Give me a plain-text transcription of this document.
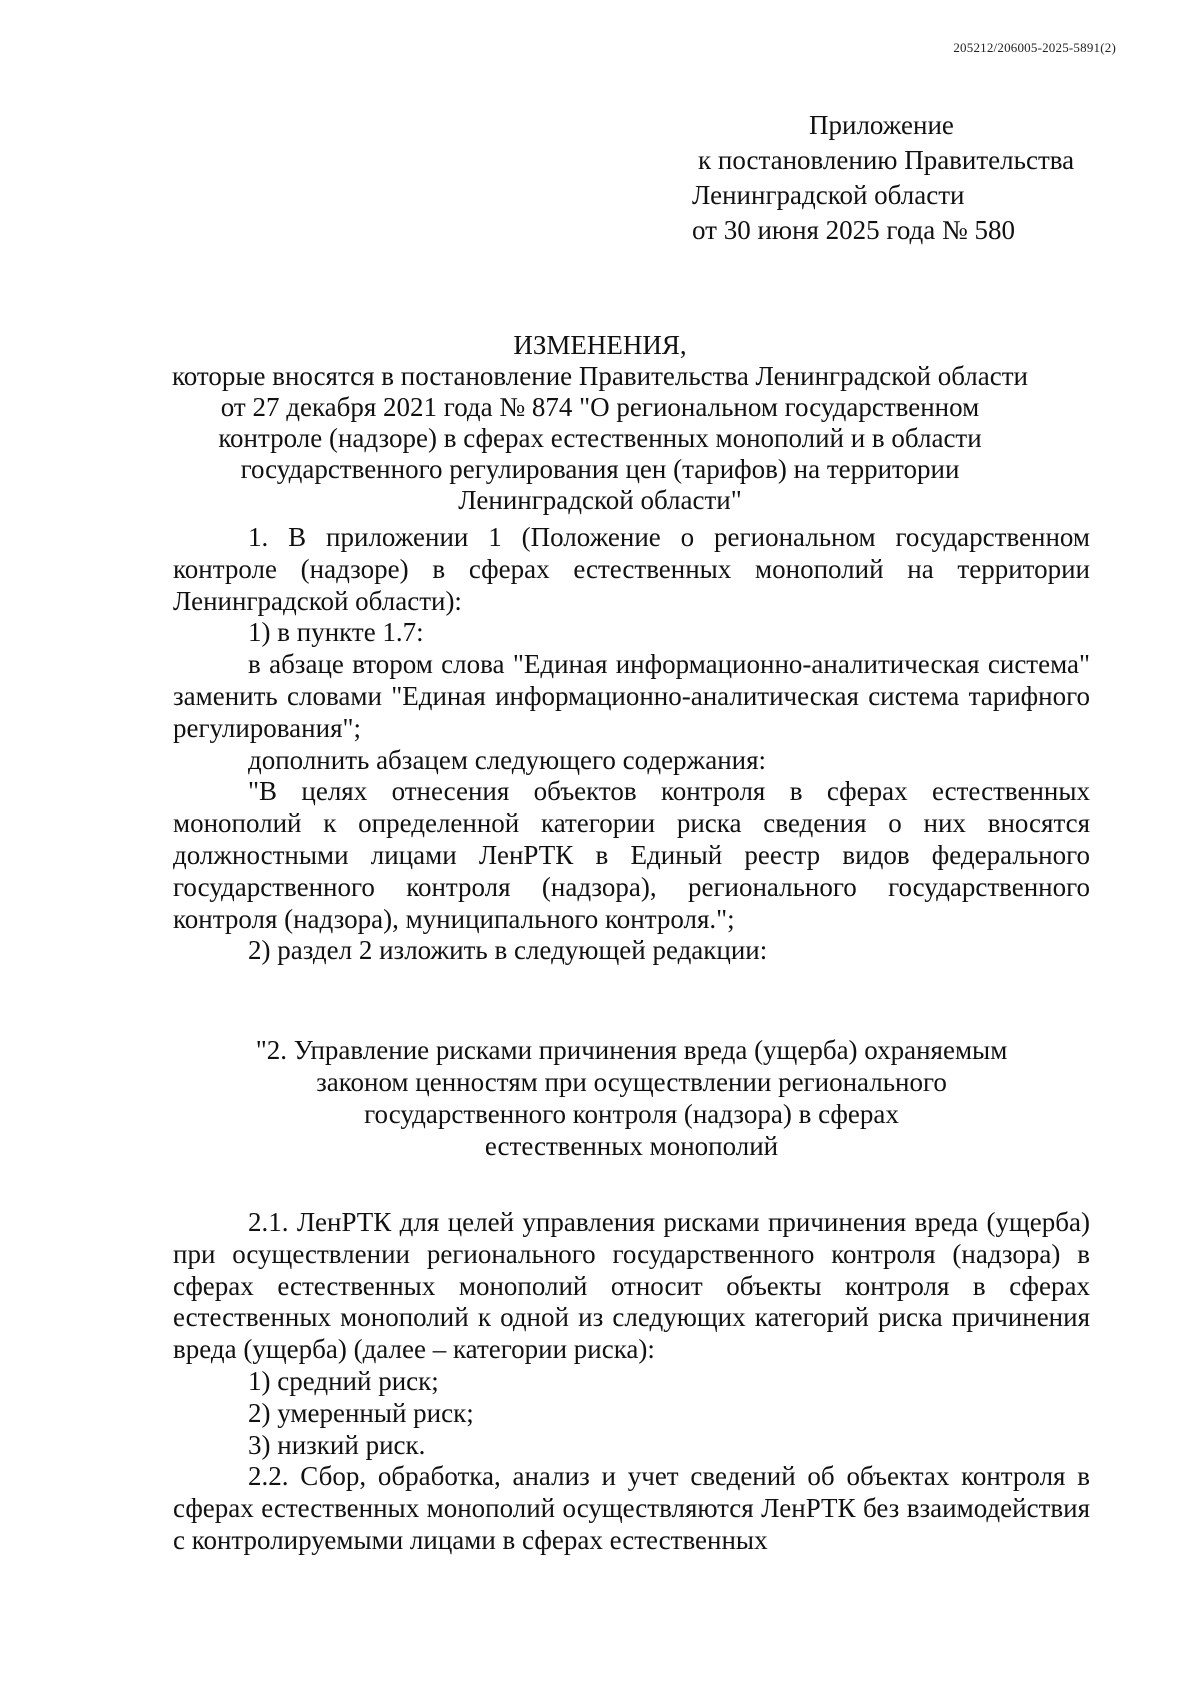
205212/206005-2025-5891(2)
Приложение
к постановлению Правительства
Ленинградской области
от 30 июня 2025 года № 580
ИЗМЕНЕНИЯ,
которые вносятся в постановление Правительства Ленинградской области
от 27 декабря 2021 года № 874 "О региональном государственном
контроле (надзоре) в сферах естественных монополий и в области
государственного регулирования цен (тарифов) на территории
Ленинградской области"

1. В приложении 1 (Положение о региональном государственном контроле (надзоре) в сферах естественных монополий на территории Ленинградской области):

1) в пункте 1.7:

в абзаце втором слова "Единая информационно-аналитическая система" заменить словами "Единая информационно-аналитическая система тарифного регулирования";

дополнить абзацем следующего содержания:

"В целях отнесения объектов контроля в сферах естественных монополий к определенной категории риска сведения о них вносятся должностными лицами ЛенРТК в Единый реестр видов федерального государственного контроля (надзора), регионального государственного контроля (надзора), муниципального контроля.";

2) раздел 2 изложить в следующей редакции:

"2. Управление рисками причинения вреда (ущерба) охраняемым
законом ценностям при осуществлении регионального
государственного контроля (надзора) в сферах
естественных монополий

2.1. ЛенРТК для целей управления рисками причинения вреда (ущерба) при осуществлении регионального государственного контроля (надзора) в сферах естественных монополий относит объекты контроля в сферах естественных монополий к одной из следующих категорий риска причинения вреда (ущерба) (далее – категории риска):

1) средний риск;

2) умеренный риск;

3) низкий риск.

2.2. Сбор, обработка, анализ и учет сведений об объектах контроля в сферах естественных монополий осуществляются ЛенРТК без взаимодействия с контролируемыми лицами в сферах естественных
